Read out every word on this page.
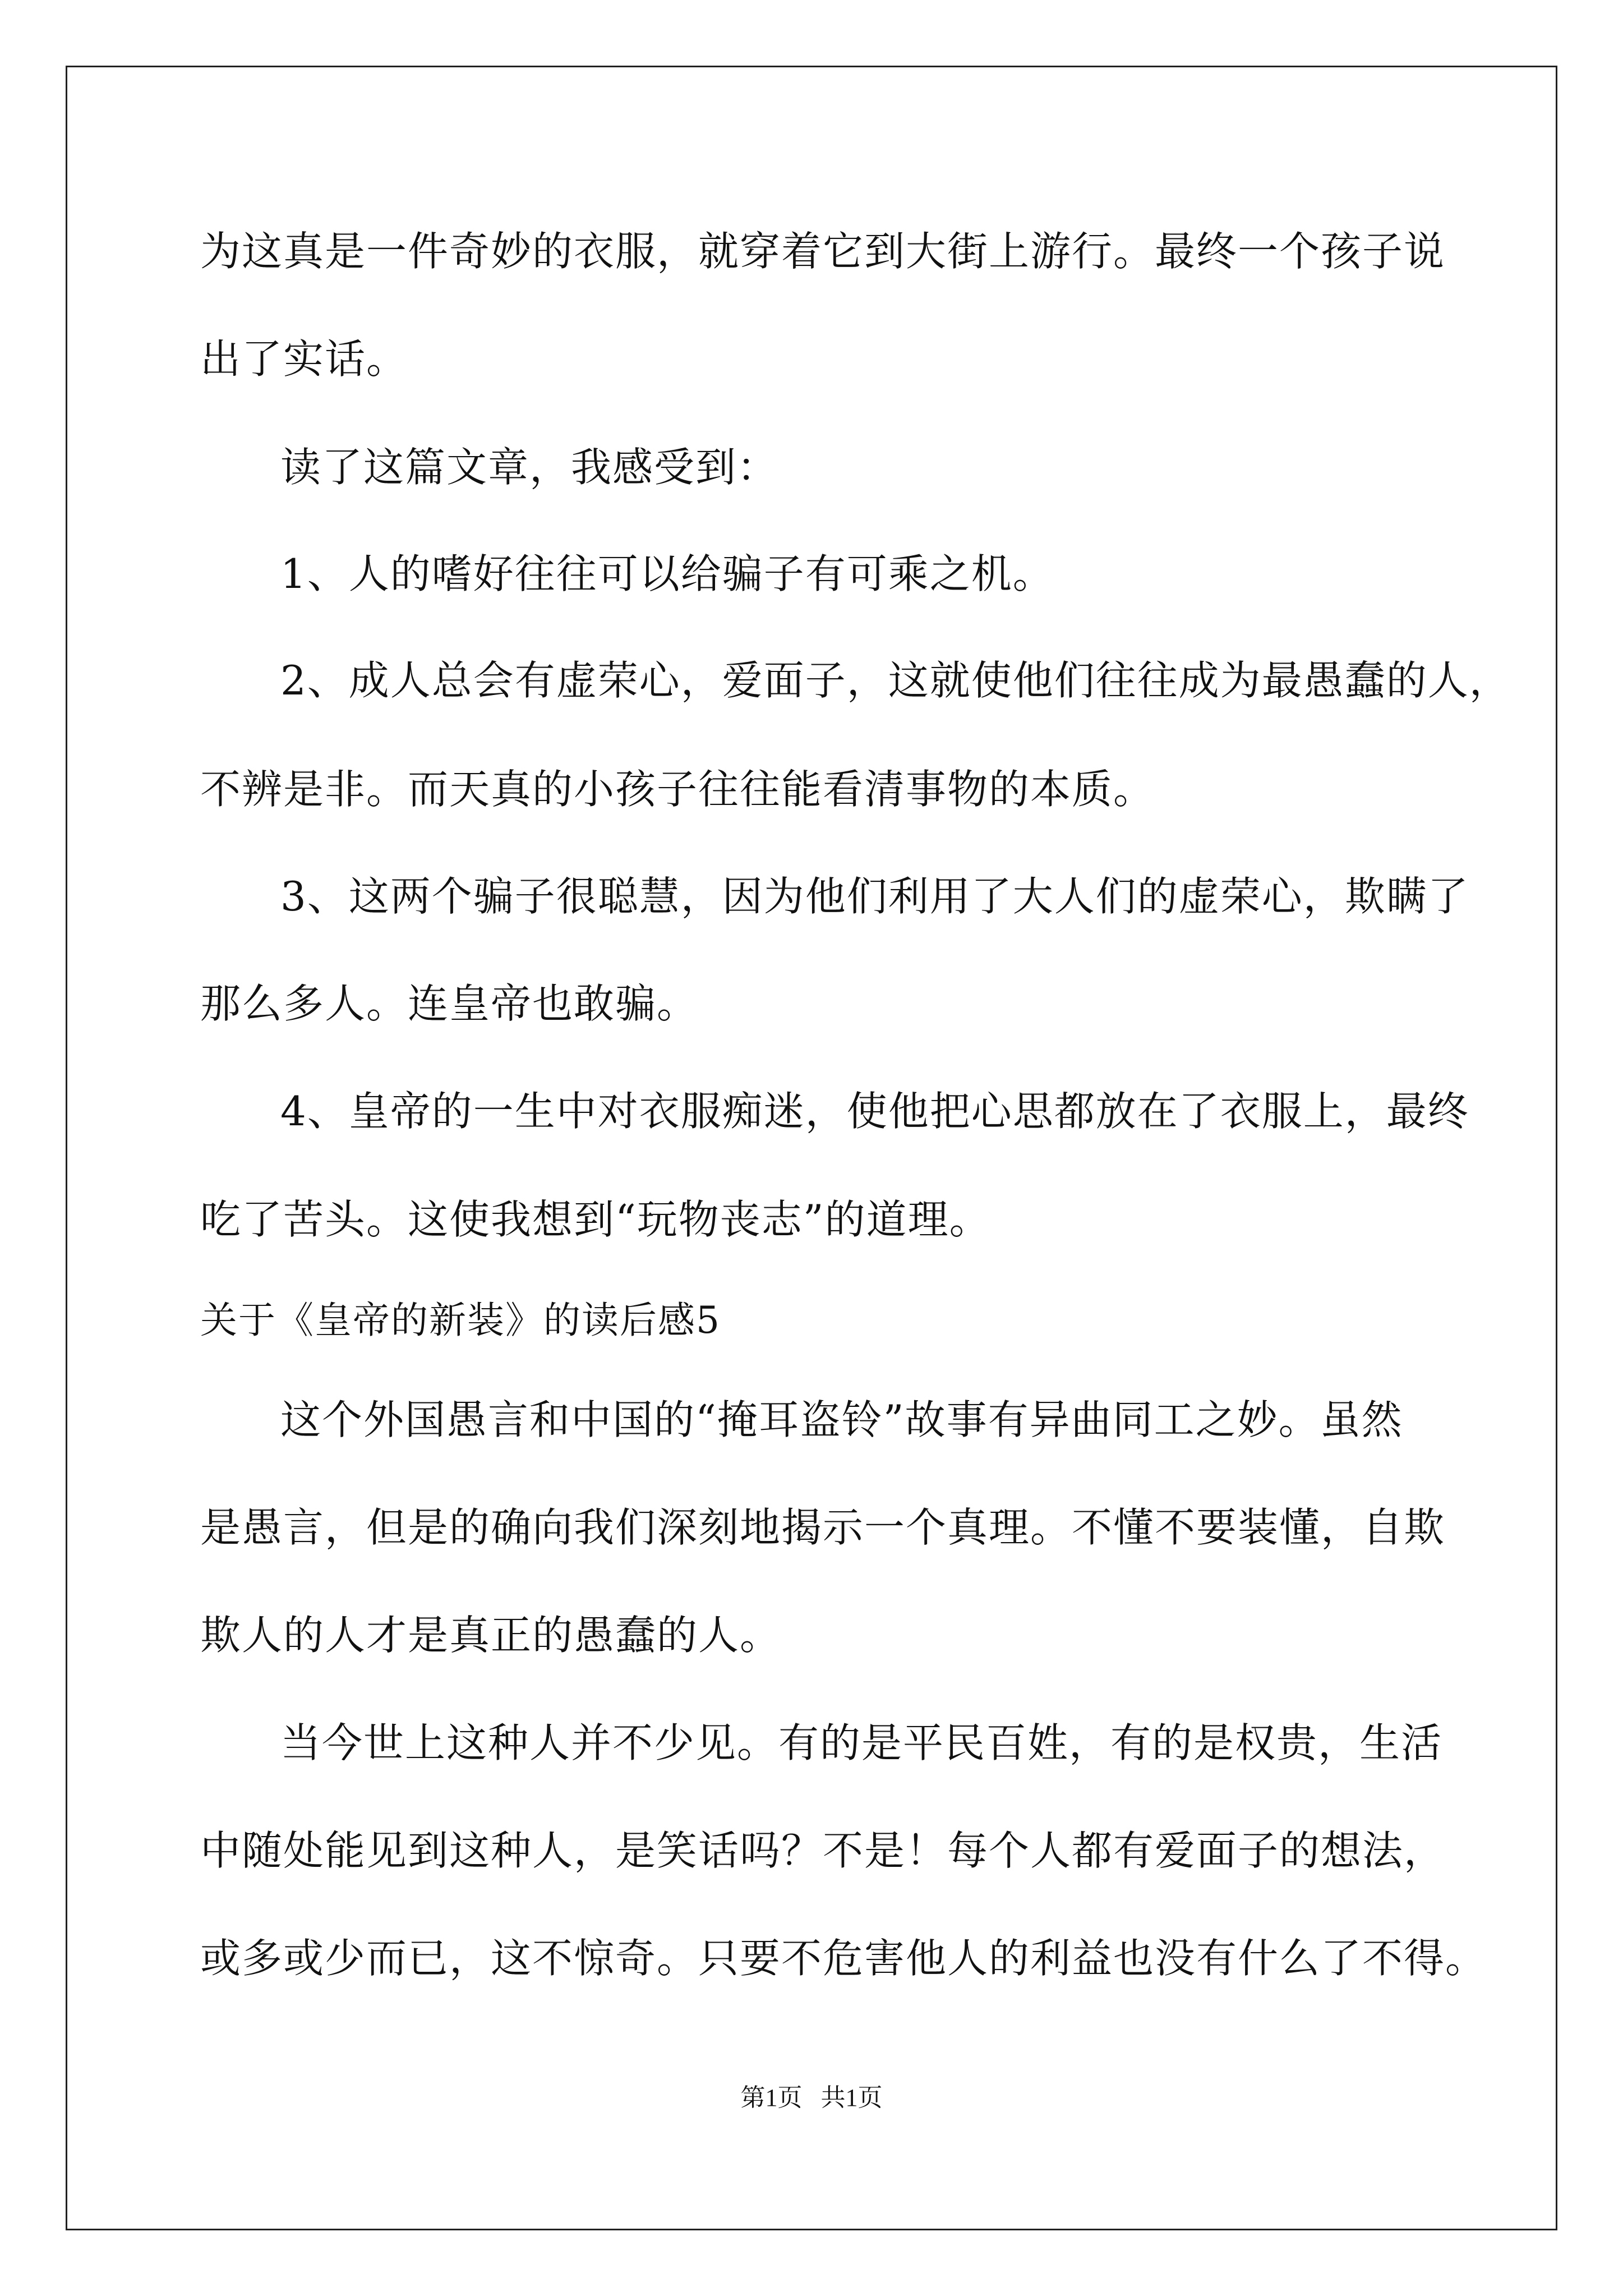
为这真是一件奇妙的衣服，就穿着它到大街上游行。最终一个孩子说
出了实话。
读了这篇文章，我感受到：
1、人的嗜好往往可以给骗子有可乘之机。
2、成人总会有虚荣心，爱面子，这就使他们往往成为最愚蠢的人，
不辨是非。而天真的小孩子往往能看清事物的本质。
3、这两个骗子很聪慧，因为他们利用了大人们的虚荣心，欺瞒了
那么多人。连皇帝也敢骗。
4、皇帝的一生中对衣服痴迷，使他把心思都放在了衣服上，最终
吃了苦头。这使我想到“玩物丧志”的道理。
关于《皇帝的新装》的读后感5
这个外国愚言和中国的“掩耳盗铃”故事有异曲同工之妙。虽然
是愚言，但是的确向我们深刻地揭示一个真理。不懂不要装懂，自欺
欺人的人才是真正的愚蠢的人。
当今世上这种人并不少见。有的是平民百姓，有的是权贵，生活
中随处能见到这种人，是笑话吗？不是！每个人都有爱面子的想法，
或多或少而已，这不惊奇。只要不危害他人的利益也没有什么了不得。
第1页   共1页
